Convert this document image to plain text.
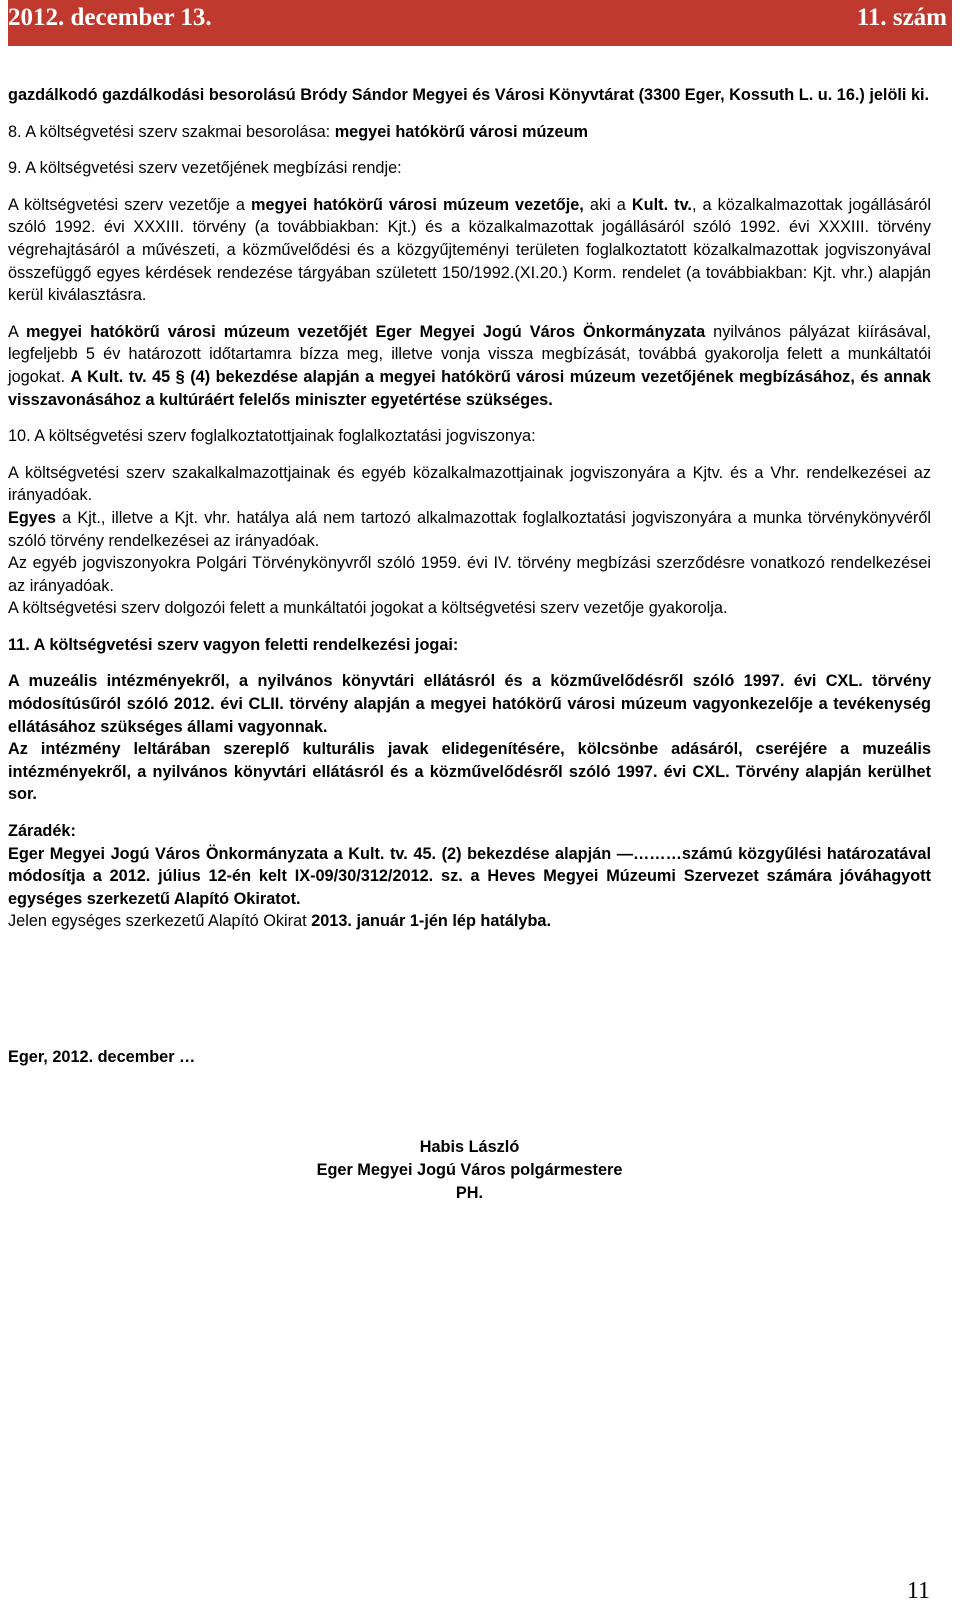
2012. december 13.	11. szám

gazdálkodó gazdálkodási besorolású Bródy Sándor Megyei és Városi Könyvtárat (3300 Eger, Kossuth L. u. 16.) jelöli ki.

8. A költségvetési szerv szakmai besorolása: megyei hatókörű városi múzeum

9. A költségvetési szerv vezetőjének megbízási rendje:

A költségvetési szerv vezetője a megyei hatókörű városi múzeum vezetője, aki a Kult. tv., a közalkalmazottak jogállásáról szóló 1992. évi XXXIII. törvény (a továbbiakban: Kjt.) és a közalkalmazottak jogállásáról szóló 1992. évi XXXIII. törvény végrehajtásáról a művészeti, a közművelődési és a közgyűjteményi területen foglalkoztatott közalkalmazottak jogviszonyával összefüggő egyes kérdések rendezése tárgyában született 150/1992.(XI.20.) Korm. rendelet (a továbbiakban: Kjt. vhr.) alapján kerül kiválasztásra.

A megyei hatókörű városi múzeum vezetőjét Eger Megyei Jogú Város Önkormányzata nyilvános pályázat kiírásával, legfeljebb 5 év határozott időtartamra bízza meg, illetve vonja vissza megbízását, továbbá gyakorolja felett a munkáltatói jogokat. A Kult. tv. 45 § (4) bekezdése alapján a megyei hatókörű városi múzeum vezetőjének megbízásához, és annak visszavonásához a kultúráért felelős miniszter egyetértése szükséges.

10. A költségvetési szerv foglalkoztatottjainak foglalkoztatási jogviszonya:

A költségvetési szerv szakalkalmazottjainak és egyéb közalkalmazottjainak jogviszonyára a Kjtv. és a Vhr. rendelkezései az irányadóak.

Egyes a Kjt., illetve a Kjt. vhr. hatálya alá nem tartozó alkalmazottak foglalkoztatási jogviszonyára a munka törvénykönyvéről szóló törvény rendelkezései az irányadóak.

Az egyéb jogviszonyokra Polgári Törvénykönyvről szóló 1959. évi IV. törvény megbízási szerződésre vonatkozó rendelkezései az irányadóak.

A költségvetési szerv dolgozói felett a munkáltatói jogokat a költségvetési szerv vezetője gyakorolja.

11. A költségvetési szerv vagyon feletti rendelkezési jogai:

A muzeális intézményekről, a nyilvános könyvtári ellátásról és a közművelődésről szóló 1997. évi CXL. törvény módosítúsűról szóló 2012. évi CLII. törvény alapján a megyei hatókörű városi múzeum vagyonkezelője a tevékenység ellátásához szükséges állami vagyonnak.

Az intézmény leltárában szereplő kulturális javak elidegenítésére, kölcsönbe adásáról, cseréjére a muzeális intézményekről, a nyilvános könyvtári ellátásról és a közművelődésről szóló 1997. évi CXL. Törvény alapján kerülhet sor.

Záradék:

Eger Megyei Jogú Város Önkormányzata a Kult. tv. 45. (2) bekezdése alapján —………számú közgyűlési határozatával módosítja a 2012. július 12-én kelt IX-09/30/312/2012. sz. a Heves Megyei Múzeumi Szervezet számára jóváhagyott egységes szerkezetű Alapító Okiratot.

Jelen egységes szerkezetű Alapító Okirat 2013. január 1-jén lép hatályba.

Eger, 2012. december …

Habis László

Eger Megyei Jogú Város polgármestere

PH.

11
